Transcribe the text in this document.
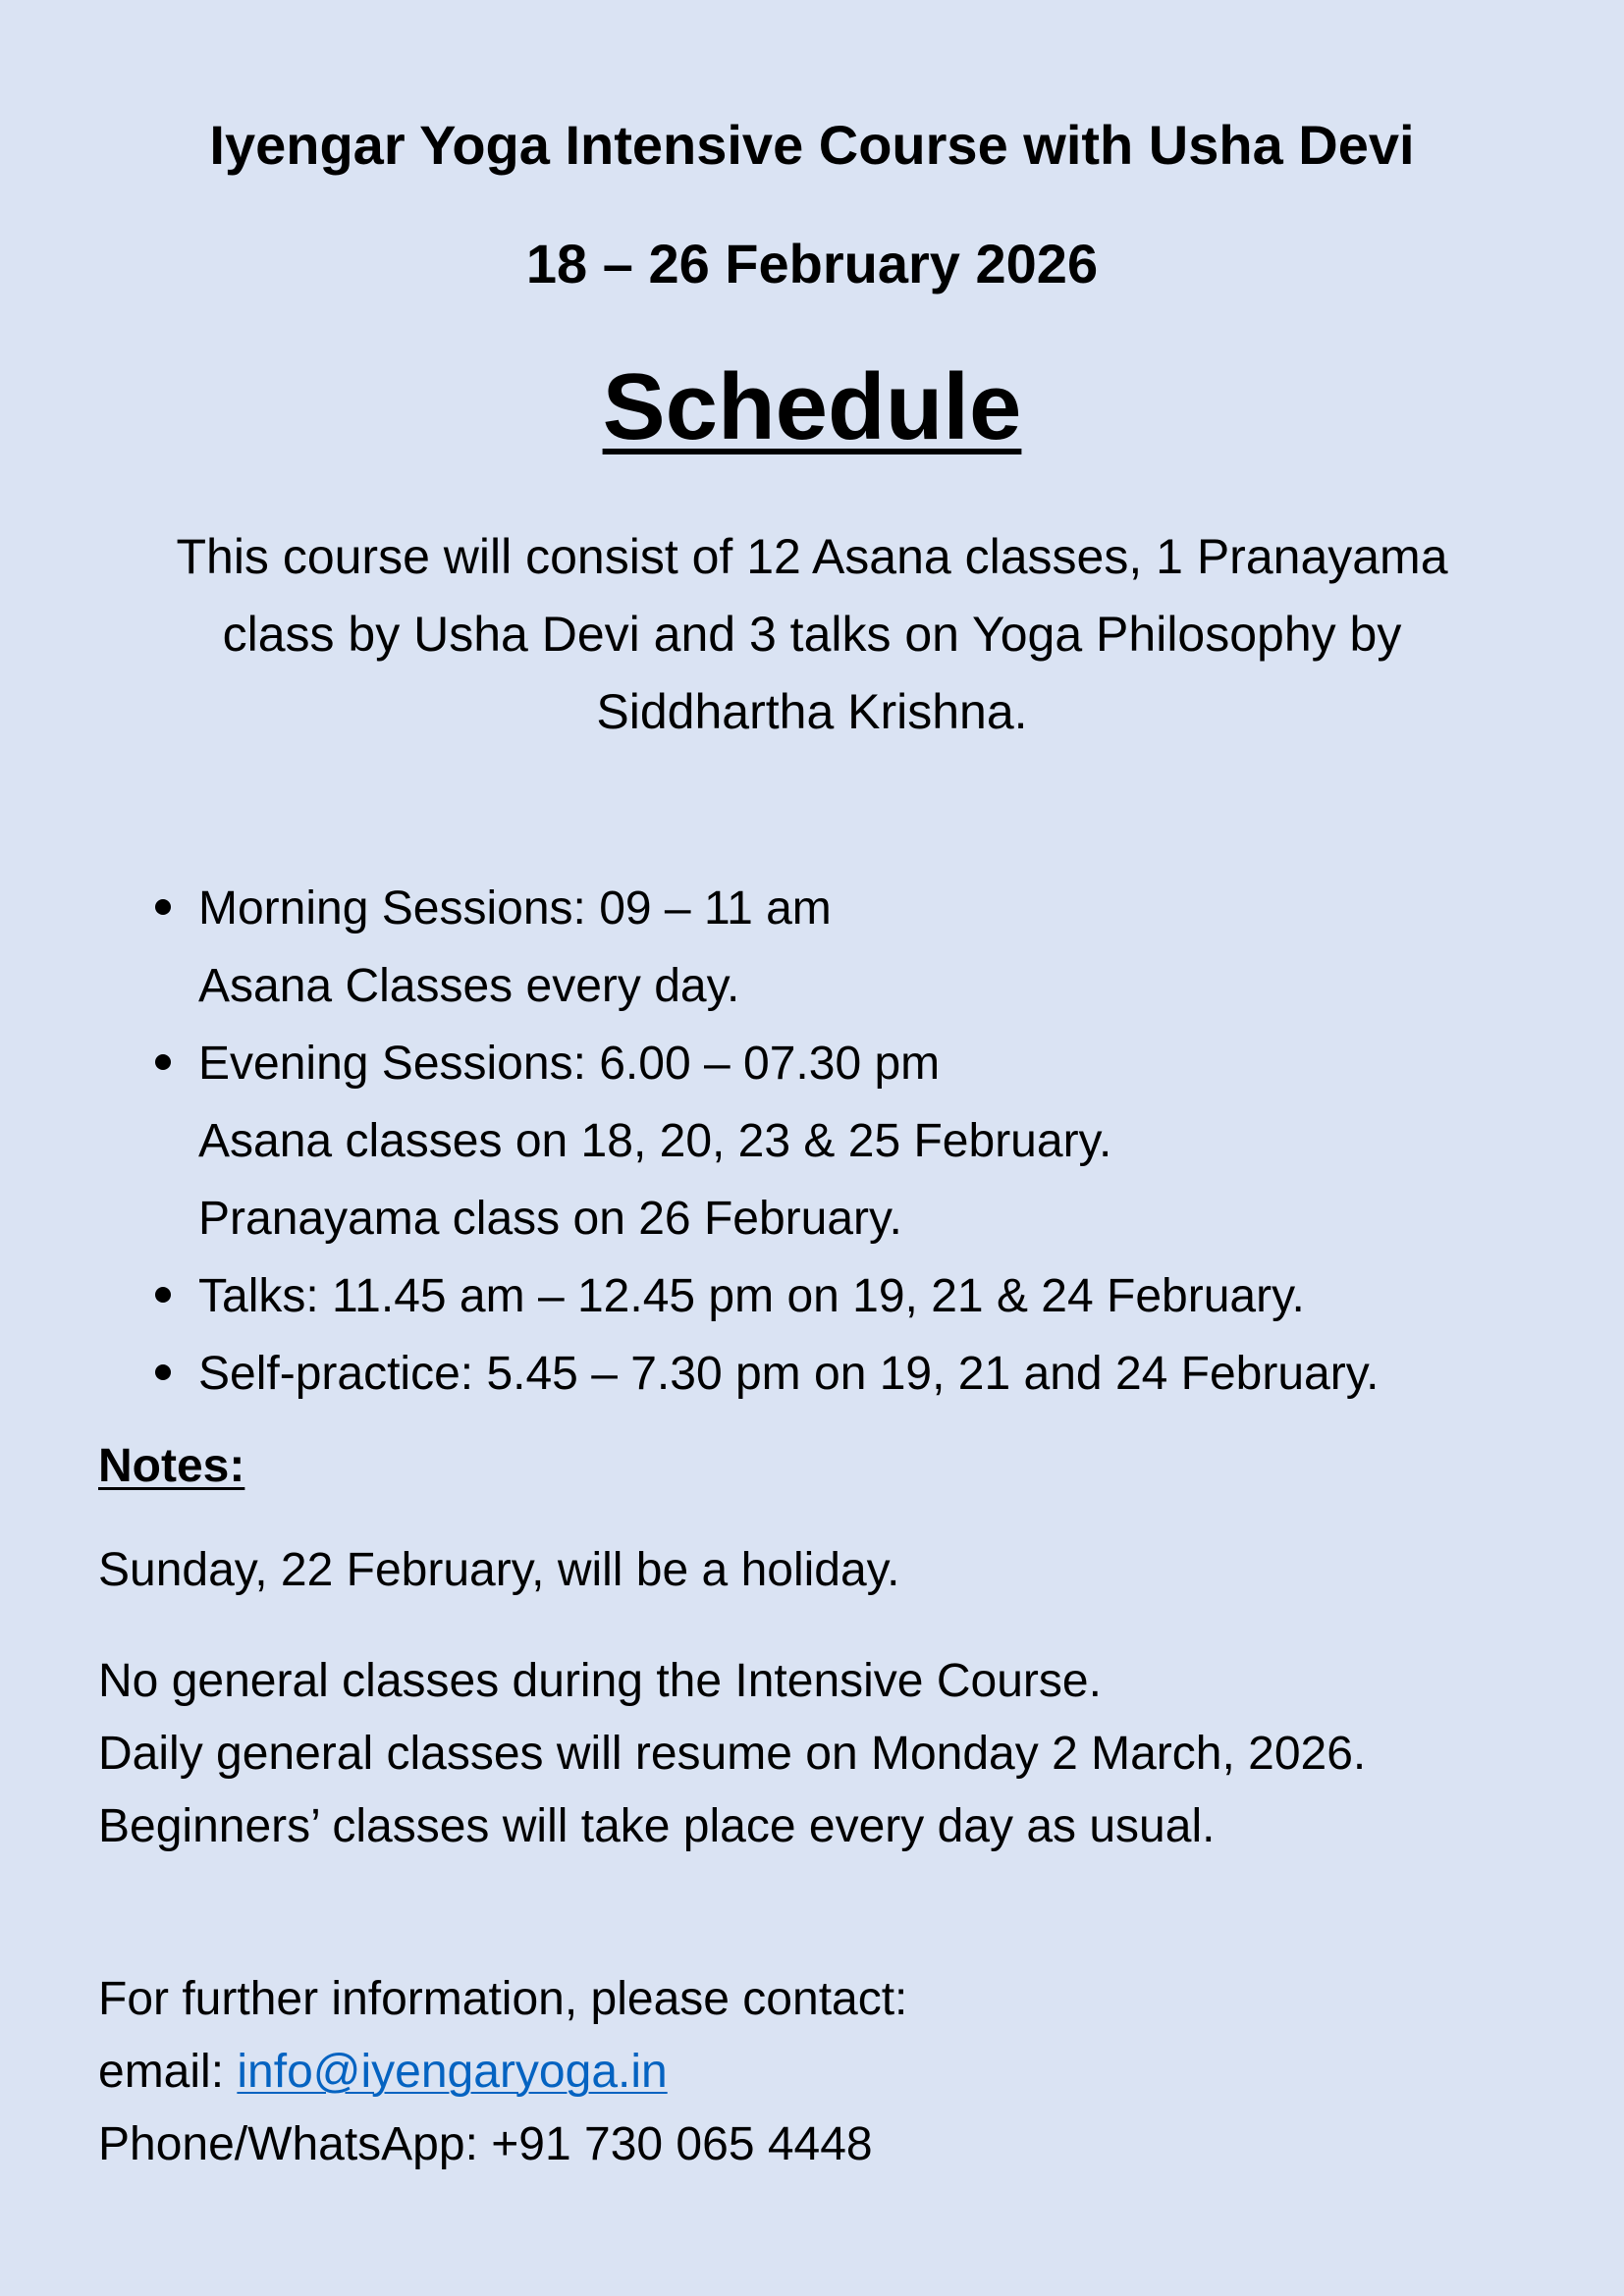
Iyengar Yoga Intensive Course with Usha Devi
18 – 26 February 2026
Schedule

This course will consist of 12 Asana classes, 1 Pranayama
class by Usha Devi and 3 talks on Yoga Philosophy by
Siddhartha Krishna.

Morning Sessions: 09 – 11 am
Asana Classes every day.
Evening Sessions: 6.00 – 07.30 pm
Asana classes on 18, 20, 23 & 25 February.
Pranayama class on 26 February.
Talks: 11.45 am – 12.45 pm on 19, 21 & 24 February.
Self-practice: 5.45 – 7.30 pm on 19, 21 and 24 February.

Notes:

Sunday, 22 February, will be a holiday.

No general classes during the Intensive Course.
Daily general classes will resume on Monday 2 March, 2026.
Beginners’ classes will take place every day as usual.

For further information, please contact:
email: info@iyengaryoga.in
Phone/WhatsApp: +91 730 065 4448
